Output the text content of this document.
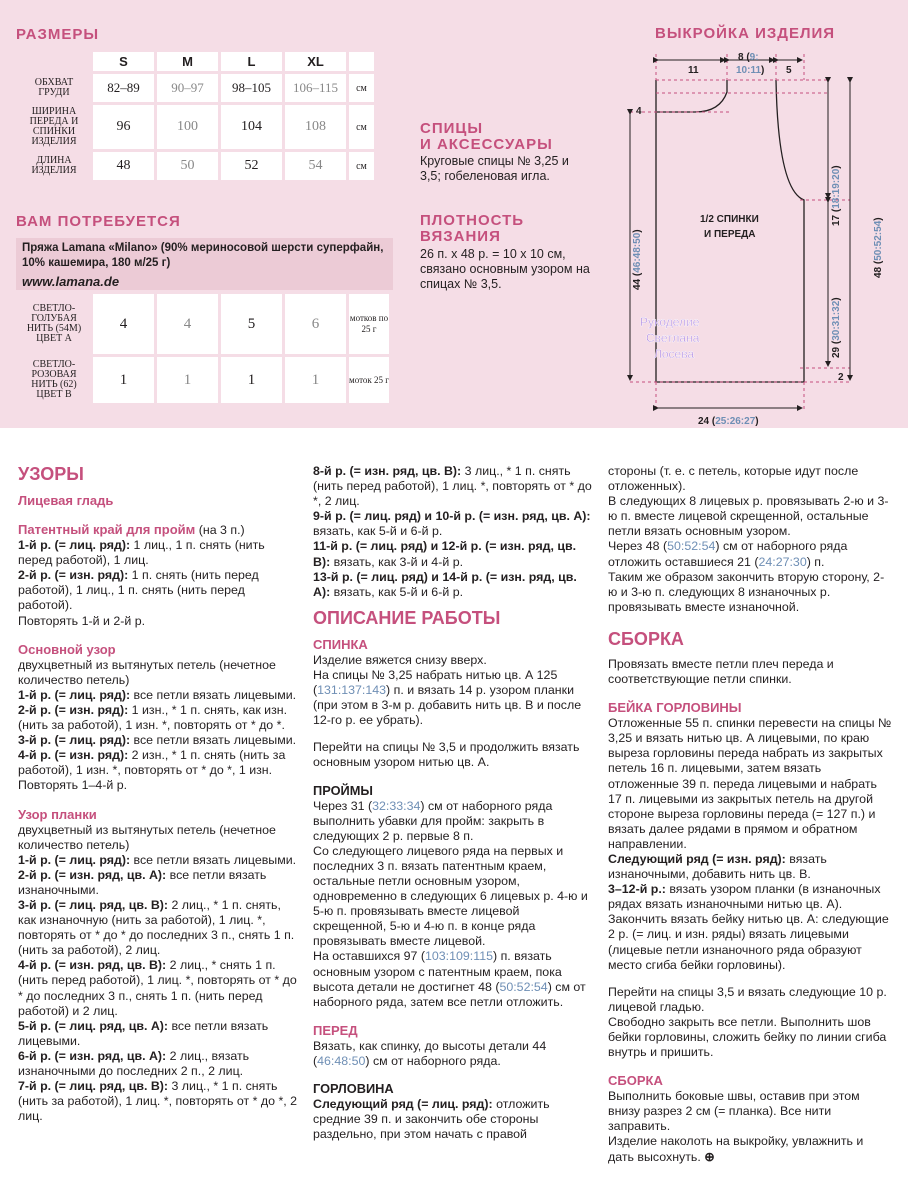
РАЗМЕРЫ
	S	M	L	XL	
ОБХВАТ ГРУДИ	82–89	90–97	98–105	106–115	см
ШИРИНА ПЕРЕДА И СПИНКИ ИЗДЕЛИЯ	96	100	104	108	см
ДЛИНА ИЗДЕЛИЯ	48	50	52	54	см
ВАМ ПОТРЕБУЕТСЯ
Пряжа Lamana «Milano» (90% мериносовой шерсти суперфайн, 10% кашемира, 180 м/25 г)
www.lamana.de
СВЕТЛО-ГОЛУБАЯ НИТЬ (54M) ЦВЕТ A	4	4	5	6	мотков по 25 г
СВЕТЛО-РОЗОВАЯ НИТЬ (62) ЦВЕТ B	1	1	1	1	моток 25 г
СПИЦЫ
И АКСЕССУАРЫ
Круговые спицы № 3,25 и 3,5; гобеленовая игла.
ПЛОТНОСТЬ
ВЯЗАНИЯ
26 п. х 48 р. = 10 х 10 см, связано основным узором на спицах № 3,5.
ВЫКРОЙКА ИЗДЕЛИЯ
11
8 (9:
10:11) 5
4
1/2 СПИНКИ
И ПЕРЕДА
17 (18:19:20)
29 (30:31:32)
48 (50:52:54)
44 (46:48:50)
2
24 (25:26:27)
Рукоделие
Светлана
Лосева

УЗОРЫ

Лицевая гладь

Патентный край для пройм (на 3 п.)

1-й р. (= лиц. ряд): 1 лиц., 1 п. снять (нить перед работой), 1 лиц.

2-й р. (= изн. ряд): 1 п. снять (нить перед работой), 1 лиц., 1 п. снять (нить перед работой).

Повторять 1-й и 2-й р.

Основной узор

двухцветный из вытянутых петель (нечетное количество петель)

1-й р. (= лиц. ряд): все петли вязать лицевыми.

2-й р. (= изн. ряд): 1 изн., * 1 п. снять, как изн. (нить за работой), 1 изн. *, повторять от * до *.

3-й р. (= лиц. ряд): все петли вязать лицевыми.

4-й р. (= изн. ряд): 2 изн., * 1 п. снять (нить за работой), 1 изн. *, повторять от * до *, 1 изн.

Повторять 1–4-й р.

Узор планки

двухцветный из вытянутых петель (нечетное количество петель)

1-й р. (= лиц. ряд): все петли вязать лицевыми.

2-й р. (= изн. ряд, цв. А): все петли вязать изнаночными.

3-й р. (= лиц. ряд, цв. В): 2 лиц., * 1 п. снять, как изнаночную (нить за работой), 1 лиц. *, повторять от * до * до последних 3 п., снять 1 п. (нить за работой), 2 лиц.

4-й р. (= изн. ряд, цв. В): 2 лиц., * снять 1 п. (нить перед работой), 1 лиц. *, повторять от * до * до последних 3 п., снять 1 п. (нить перед работой) и 2 лиц.

5-й р. (= лиц. ряд, цв. А): все петли вязать лицевыми.

6-й р. (= изн. ряд, цв. А): 2 лиц., вязать изнаночными до последних 2 п., 2 лиц.

7-й р. (= лиц. ряд, цв. В): 3 лиц., * 1 п. снять (нить за работой), 1 лиц. *, повторять от * до *, 2 лиц.

8-й р. (= изн. ряд, цв. В): 3 лиц., * 1 п. снять (нить перед работой), 1 лиц. *, повторять от * до *, 2 лиц.

9-й р. (= лиц. ряд) и 10-й р. (= изн. ряд, цв. А): вязать, как 5-й и 6-й р.

11-й р. (= лиц. ряд) и 12-й р. (= изн. ряд, цв. В): вязать, как 3-й и 4-й р.

13-й р. (= лиц. ряд) и 14-й р. (= изн. ряд, цв. А): вязать, как 5-й и 6-й р.

ОПИСАНИЕ РАБОТЫ

СПИНКА

Изделие вяжется снизу вверх.

На спицы № 3,25 набрать нитью цв. А 125 (131:137:143) п. и вязать 14 р. узором планки (при этом в 3-м р. добавить нить цв. В и после 12-го р. ее убрать).

Перейти на спицы № 3,5 и продолжить вязать основным узором нитью цв. А.

ПРОЙМЫ

Через 31 (32:33:34) см от наборного ряда выполнить убавки для пройм: закрыть в следующих 2 р. первые 8 п.

Со следующего лицевого ряда на первых и последних 3 п. вязать патентным краем, остальные петли основным узором, одновременно в следующих 6 лицевых р. 4-ю и 5-ю п. провязывать вместе лицевой скрещенной, 5-ю и 4-ю п. в конце ряда провязывать вместе лицевой.

На оставшихся 97 (103:109:115) п. вязать основным узором с патентным краем, пока высота детали не достигнет 48 (50:52:54) см от наборного ряда, затем все петли отложить.

ПЕРЕД

Вязать, как спинку, до высоты детали 44 (46:48:50) см от наборного ряда.

ГОРЛОВИНА

Следующий ряд (= лиц. ряд): отложить средние 39 п. и закончить обе стороны раздельно, при этом начать с правой

стороны (т. е. с петель, которые идут после отложенных).

В следующих 8 лицевых р. провязывать 2-ю и 3-ю п. вместе лицевой скрещенной, остальные петли вязать основным узором.

Через 48 (50:52:54) см от наборного ряда отложить оставшиеся 21 (24:27:30) п.

Таким же образом закончить вторую сторону, 2-ю и 3-ю п. следующих 8 изнаночных р. провязывать вместе изнаночной.

СБОРКА

Провязать вместе петли плеч переда и соответствующие петли спинки.

БЕЙКА ГОРЛОВИНЫ

Отложенные 55 п. спинки перевести на спицы № 3,25 и вязать нитью цв. А лицевыми, по краю выреза горловины переда набрать из закрытых петель 16 п. лицевыми, затем вязать отложенные 39 п. переда лицевыми и набрать 17 п. лицевыми из закрытых петель на другой стороне выреза горловины переда (= 127 п.) и вязать далее рядами в прямом и обратном направлении.

Следующий ряд (= изн. ряд): вязать изнаночными, добавить нить цв. В.

3–12-й р.: вязать узором планки (в изнаночных рядах вязать изнаночными нитью цв. А).

Закончить вязать бейку нитью цв. А: следующие 2 р. (= лиц. и изн. ряды) вязать лицевыми (лицевые петли изнаночного ряда образуют место сгиба бейки горловины).

Перейти на спицы 3,5 и вязать следующие 10 р. лицевой гладью.

Свободно закрыть все петли. Выполнить шов бейки горловины, сложить бейку по линии сгиба внутрь и пришить.

СБОРКА

Выполнить боковые швы, оставив при этом внизу разрез 2 см (= планка). Все нити заправить.

Изделие наколоть на выкройку, увлажнить и дать высохнуть. ⊕
